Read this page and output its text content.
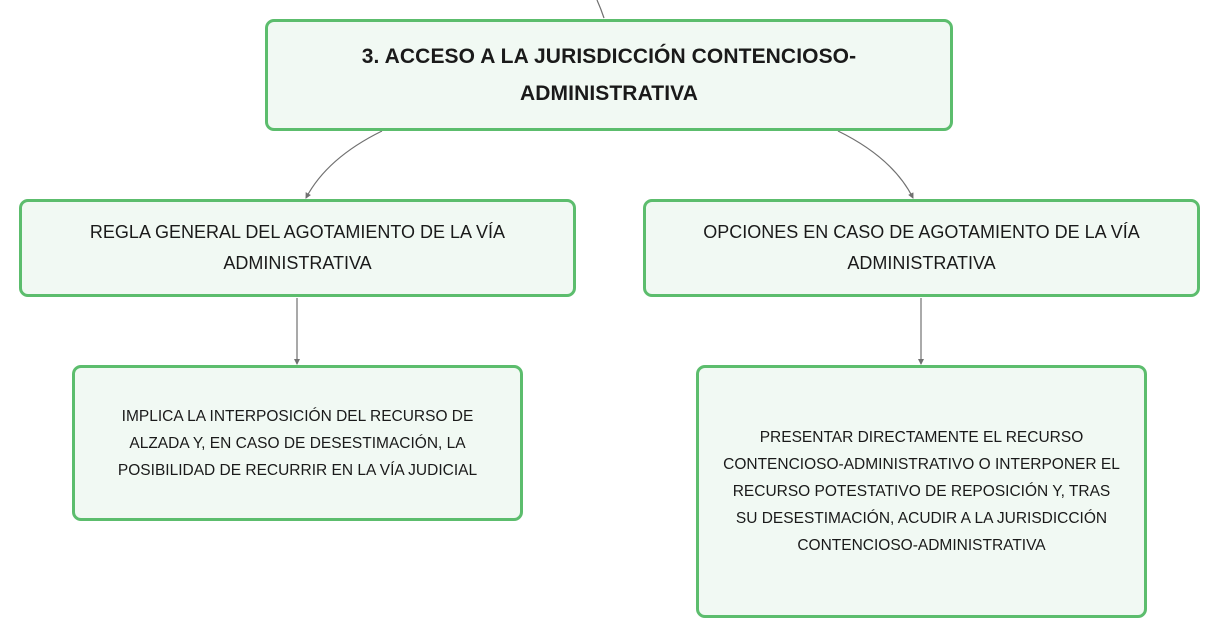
3. ACCESO A LA JURISDICCIÓN CONTENCIOSO-ADMINISTRATIVA
REGLA GENERAL DEL AGOTAMIENTO DE LA VÍA ADMINISTRATIVA
OPCIONES EN CASO DE AGOTAMIENTO DE LA VÍA ADMINISTRATIVA
IMPLICA LA INTERPOSICIÓN DEL RECURSO DE ALZADA Y, EN CASO DE DESESTIMACIÓN, LA POSIBILIDAD DE RECURRIR EN LA VÍA JUDICIAL
PRESENTAR DIRECTAMENTE EL RECURSO CONTENCIOSO-ADMINISTRATIVO O INTERPONER EL RECURSO POTESTATIVO DE REPOSICIÓN Y, TRAS SU DESESTIMACIÓN, ACUDIR A LA JURISDICCIÓN CONTENCIOSO-ADMINISTRATIVA
